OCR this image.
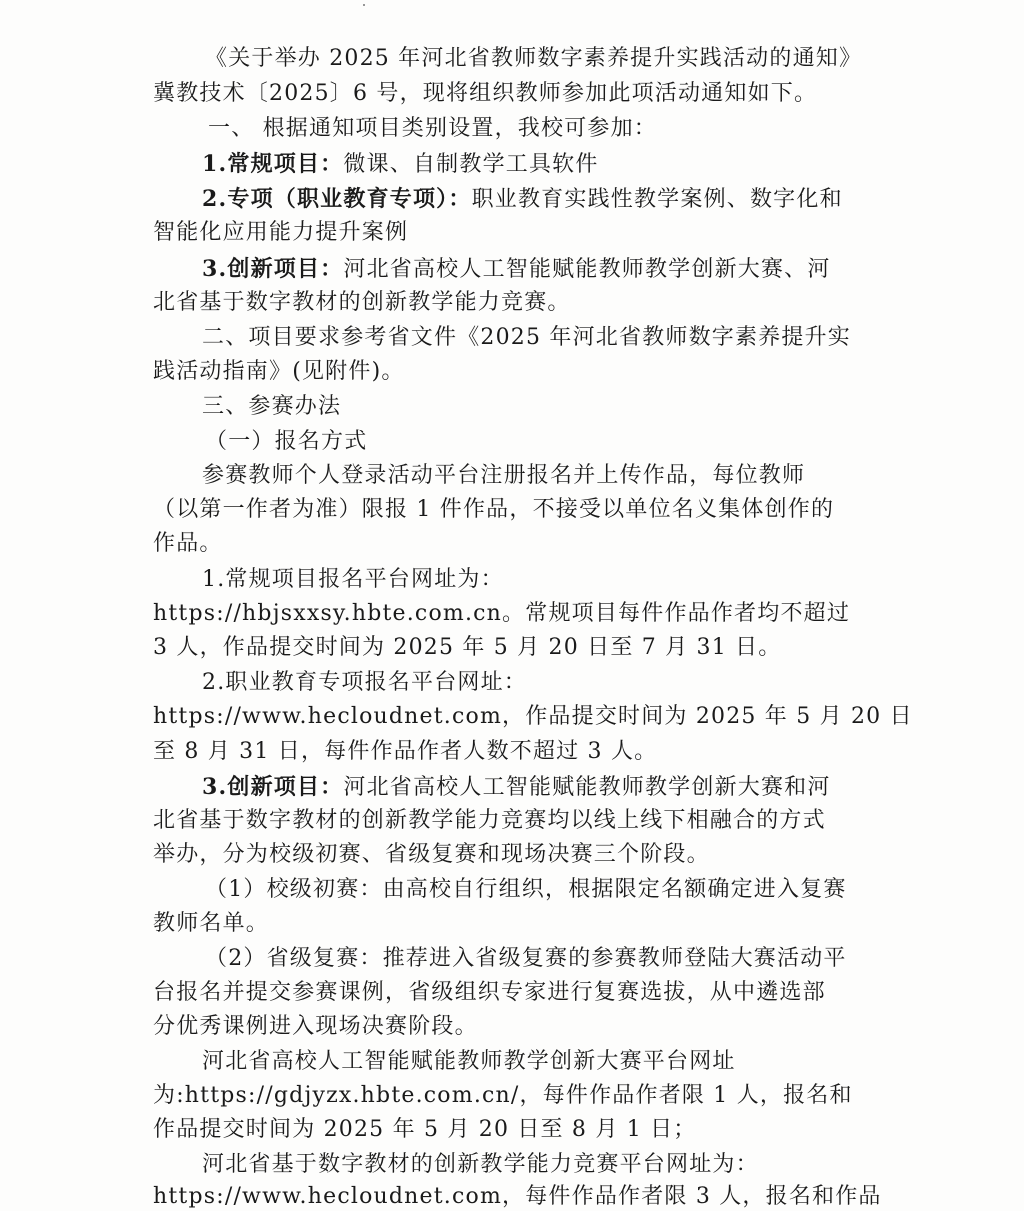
《关于举办 2025 年河北省教师数字素养提升实践活动的通知》
冀教技术〔2025〕6 号，现将组织教师参加此项活动通知如下。
一、 根据通知项目类别设置，我校可参加：
1.常规项目：微课、自制教学工具软件
2.专项（职业教育专项）：职业教育实践性教学案例、数字化和
智能化应用能力提升案例
3.创新项目：河北省高校人工智能赋能教师教学创新大赛、河
北省基于数字教材的创新教学能力竞赛。
二、项目要求参考省文件《2025 年河北省教师数字素养提升实
践活动指南》(见附件)。
三、参赛办法
（一）报名方式
参赛教师个人登录活动平台注册报名并上传作品，每位教师
（以第一作者为准）限报 1 件作品，不接受以单位名义集体创作的
作品。
1.常规项目报名平台网址为：
https://hbjsxxsy.hbte.com.cn。常规项目每件作品作者均不超过
3 人，作品提交时间为 2025 年 5 月 20 日至 7 月 31 日。
2.职业教育专项报名平台网址：
https://www.hecloudnet.com，作品提交时间为 2025 年 5 月 20 日
至 8 月 31 日，每件作品作者人数不超过 3 人。
3.创新项目：河北省高校人工智能赋能教师教学创新大赛和河
北省基于数字教材的创新教学能力竞赛均以线上线下相融合的方式
举办，分为校级初赛、省级复赛和现场决赛三个阶段。
（1）校级初赛：由高校自行组织，根据限定名额确定进入复赛
教师名单。
（2）省级复赛：推荐进入省级复赛的参赛教师登陆大赛活动平
台报名并提交参赛课例，省级组织专家进行复赛选拔，从中遴选部
分优秀课例进入现场决赛阶段。
河北省高校人工智能赋能教师教学创新大赛平台网址
为:https://gdjyzx.hbte.com.cn/，每件作品作者限 1 人，报名和
作品提交时间为 2025 年 5 月 20 日至 8 月 1 日；
河北省基于数字教材的创新教学能力竞赛平台网址为：
https://www.hecloudnet.com，每件作品作者限 3 人，报名和作品
